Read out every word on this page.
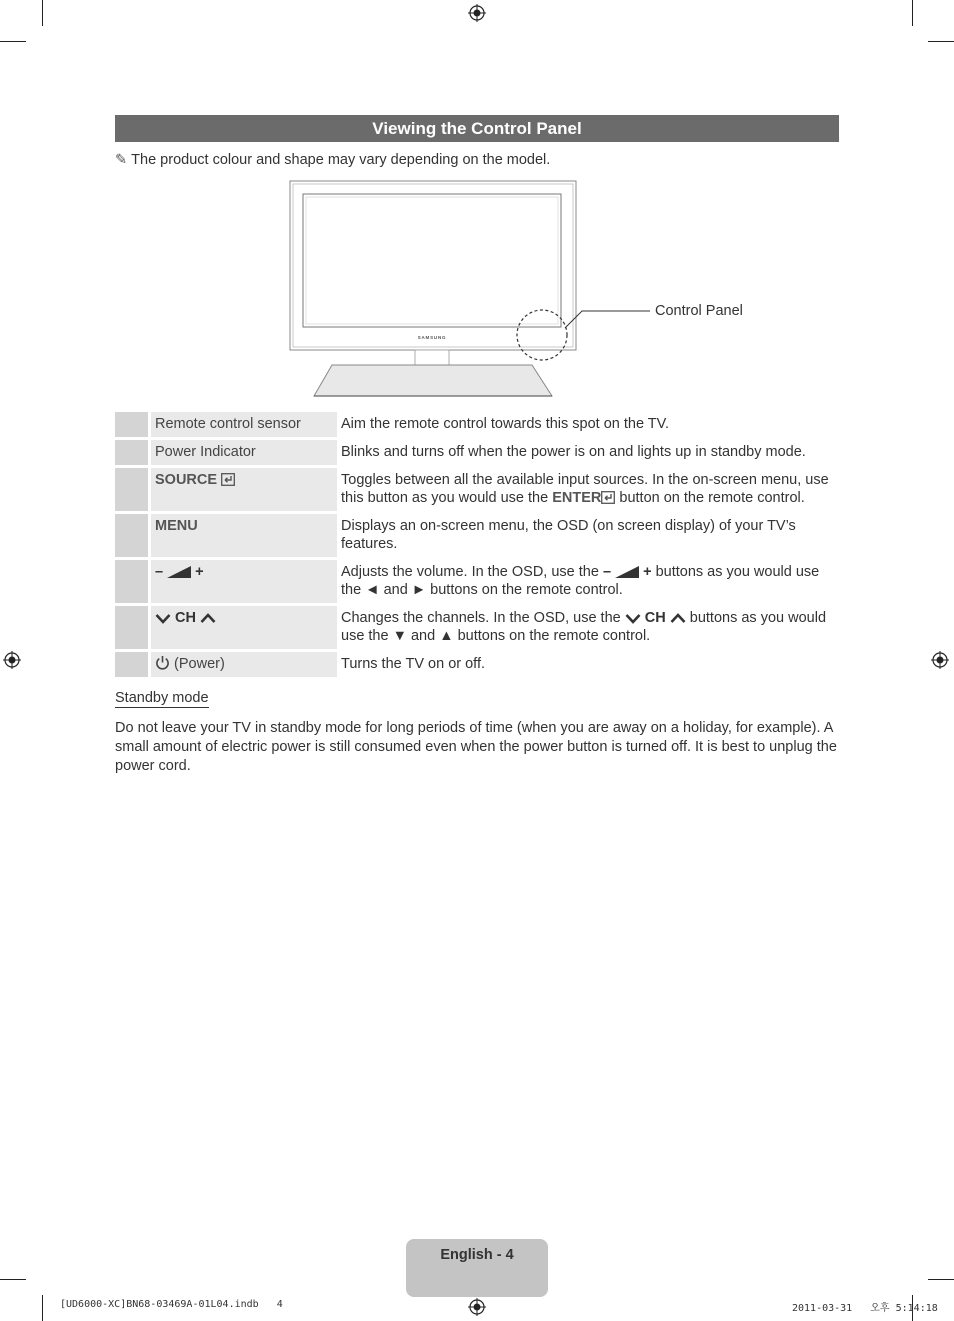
Viewing the Control Panel
✎ The product colour and shape may vary depending on the model.
SAMSUNG
Control Panel
	Remote control sensor	Aim the remote control towards this spot on the TV.
	Power Indicator	Blinks and turns off when the power is on and lights up in standby mode.
	SOURCE	Toggles between all the available input sources. In the on-screen menu, use this button as you would use the ENTER button on the remote control.
	MENU	Displays an on-screen menu, the OSD (on screen display) of your TV’s features.
	– +	Adjusts the volume. In the OSD, use the – + buttons as you would use the ◄ and ► buttons on the remote control.
	CH	Changes the channels. In the OSD, use the  CH  buttons as you would use the ▼ and ▲ buttons on the remote control.
	(Power)	Turns the TV on or off.
Standby mode
Do not leave your TV in standby mode for long periods of time (when you are away on a holiday, for example). A small amount of electric power is still consumed even when the power button is turned off. It is best to unplug the power cord.
English - 4
[UD6000-XC]BN68-03469A-01L04.indb   4	2011-03-31   오후 5:14:18
